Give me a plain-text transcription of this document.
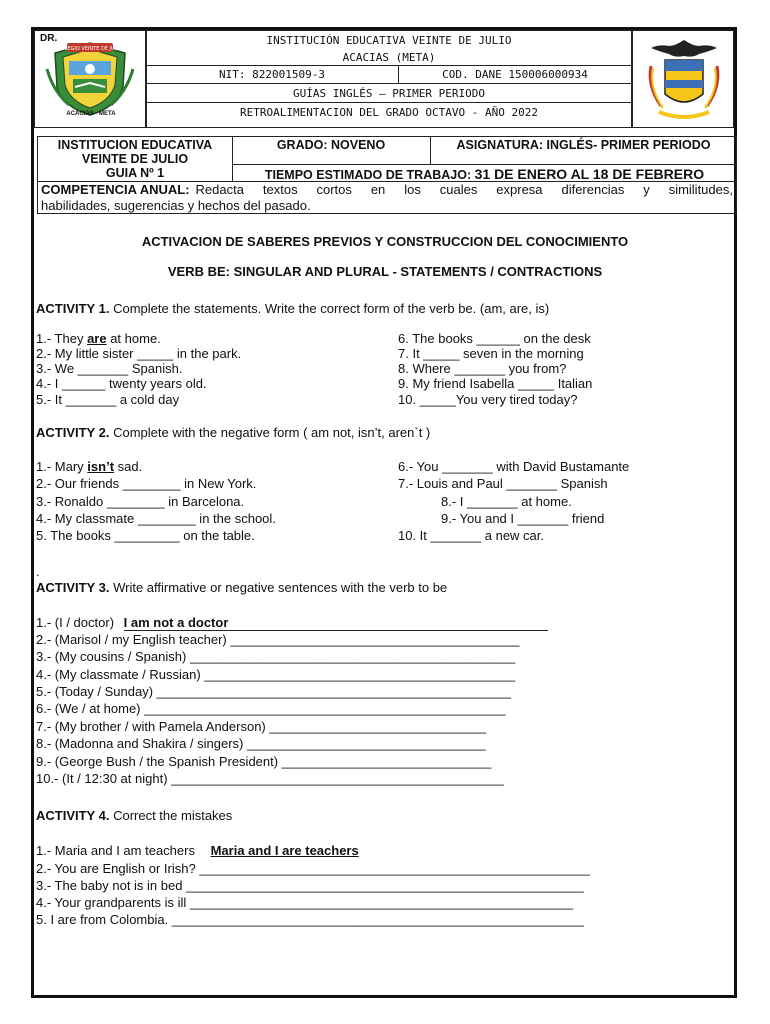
DR.
COLEGIO VEINTE DE JULIO
ACACIAS - META
INSTITUCIÓN EDUCATIVA VEINTE DE JULIO
ACACIAS (META)
NIT: 822001509-3	COD. DANE 150006000934
GUÍAS INGLÉS – PRIMER PERIODO
RETROALIMENTACION DEL GRADO OCTAVO - AÑO 2022
INSTITUCION EDUCATIVA VEINTE DE JULIO
GUIA Nº 1
GRADO: NOVENO	ASIGNATURA: INGLÉS- PRIMER PERIODO
TIEMPO ESTIMADO DE TRABAJO: 31 DE ENERO AL 18 DE FEBRERO
COMPETENCIA ANUAL: Redacta textos cortos en los cuales expresa diferencias y similitudes,
habilidades, sugerencias y hechos del pasado.
ACTIVACION DE SABERES PREVIOS Y CONSTRUCCION DEL CONOCIMIENTO
VERB BE: SINGULAR AND PLURAL - STATEMENTS / CONTRACTIONS
ACTIVITY 1. Complete the statements. Write the correct form of the verb be. (am, are, is)
1.- They are at home.
2.- My little sister _____ in the park.
3.- We _______ Spanish.
4.- I ______ twenty years old.
5.- It _______ a cold day
6. The books ______ on the desk
7. It _____ seven in the morning
8. Where _______ you from?
9. My friend Isabella _____ Italian
10. _____You very tired today?
ACTIVITY 2. Complete with the negative form ( am not, isn’t, aren`t )
1.- Mary isn’t sad.
2.- Our friends ________ in New York.
3.- Ronaldo ________ in Barcelona.
4.- My classmate ________ in the school.
5. The books _________ on the table.
6.- You _______ with David Bustamante
7.- Louis and Paul _______ Spanish
8.- I _______ at home.
9.- You and I _______ friend
10. It _______ a new car.
.
ACTIVITY 3. Write affirmative or negative sentences with the verb to be
1.- (I / doctor) I am not a doctor
2.- (Marisol / my English teacher) ________________________________________
3.- (My cousins / Spanish) _____________________________________________
4.- (My classmate / Russian) ___________________________________________
5.- (Today / Sunday) _________________________________________________
6.- (We / at home) __________________________________________________
7.- (My brother / with Pamela Anderson) ______________________________
8.- (Madonna and Shakira / singers) _________________________________
9.- (George Bush / the Spanish President) _____________________________
10.- (It / 12:30 at night) ______________________________________________
ACTIVITY 4. Correct the mistakes
1.- Maria and I am teachers Maria and I are teachers
2.- You are English or Irish? ______________________________________________________
3.- The baby not is in bed _______________________________________________________
4.- Your grandparents is ill _____________________________________________________
5. I are from Colombia. _________________________________________________________
